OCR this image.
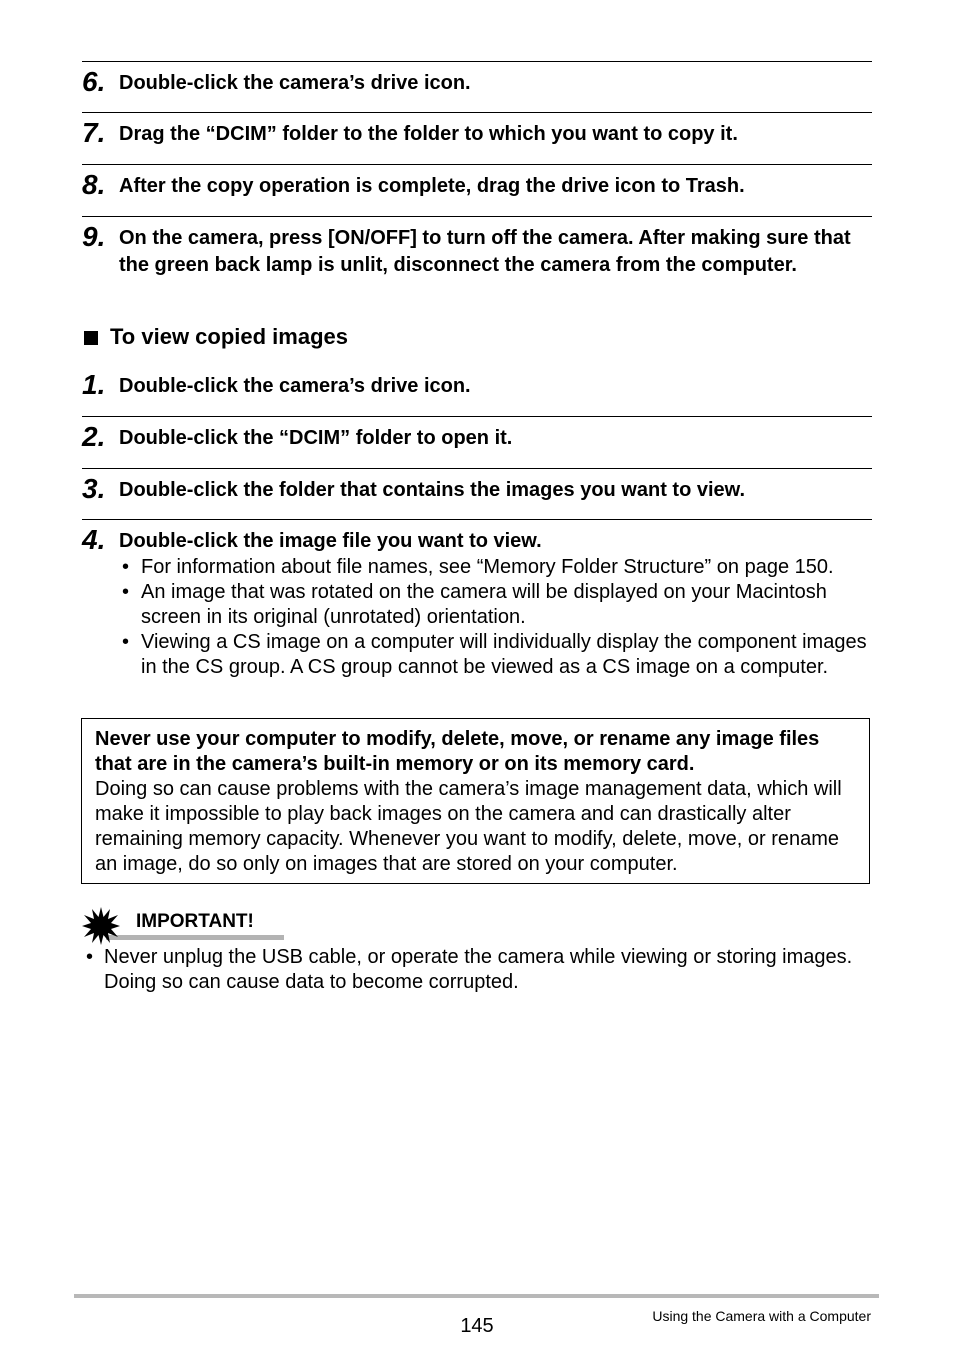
6. Double-click the camera’s drive icon.
7. Drag the “DCIM” folder to the folder to which you want to copy it.
8. After the copy operation is complete, drag the drive icon to Trash.
9. On the camera, press [ON/OFF] to turn off the camera. After making sure that the green back lamp is unlit, disconnect the camera from the computer.
To view copied images
1. Double-click the camera’s drive icon.
2. Double-click the “DCIM” folder to open it.
3. Double-click the folder that contains the images you want to view.
4. Double-click the image file you want to view.
• For information about file names, see “Memory Folder Structure” on page 150.
• An image that was rotated on the camera will be displayed on your Macintosh screen in its original (unrotated) orientation.
• Viewing a CS image on a computer will individually display the component images in the CS group. A CS group cannot be viewed as a CS image on a computer.
Never use your computer to modify, delete, move, or rename any image files that are in the camera’s built-in memory or on its memory card.
Doing so can cause problems with the camera’s image management data, which will make it impossible to play back images on the camera and can drastically alter remaining memory capacity. Whenever you want to modify, delete, move, or rename an image, do so only on images that are stored on your computer.
IMPORTANT!
• Never unplug the USB cable, or operate the camera while viewing or storing images. Doing so can cause data to become corrupted.
145	Using the Camera with a Computer
